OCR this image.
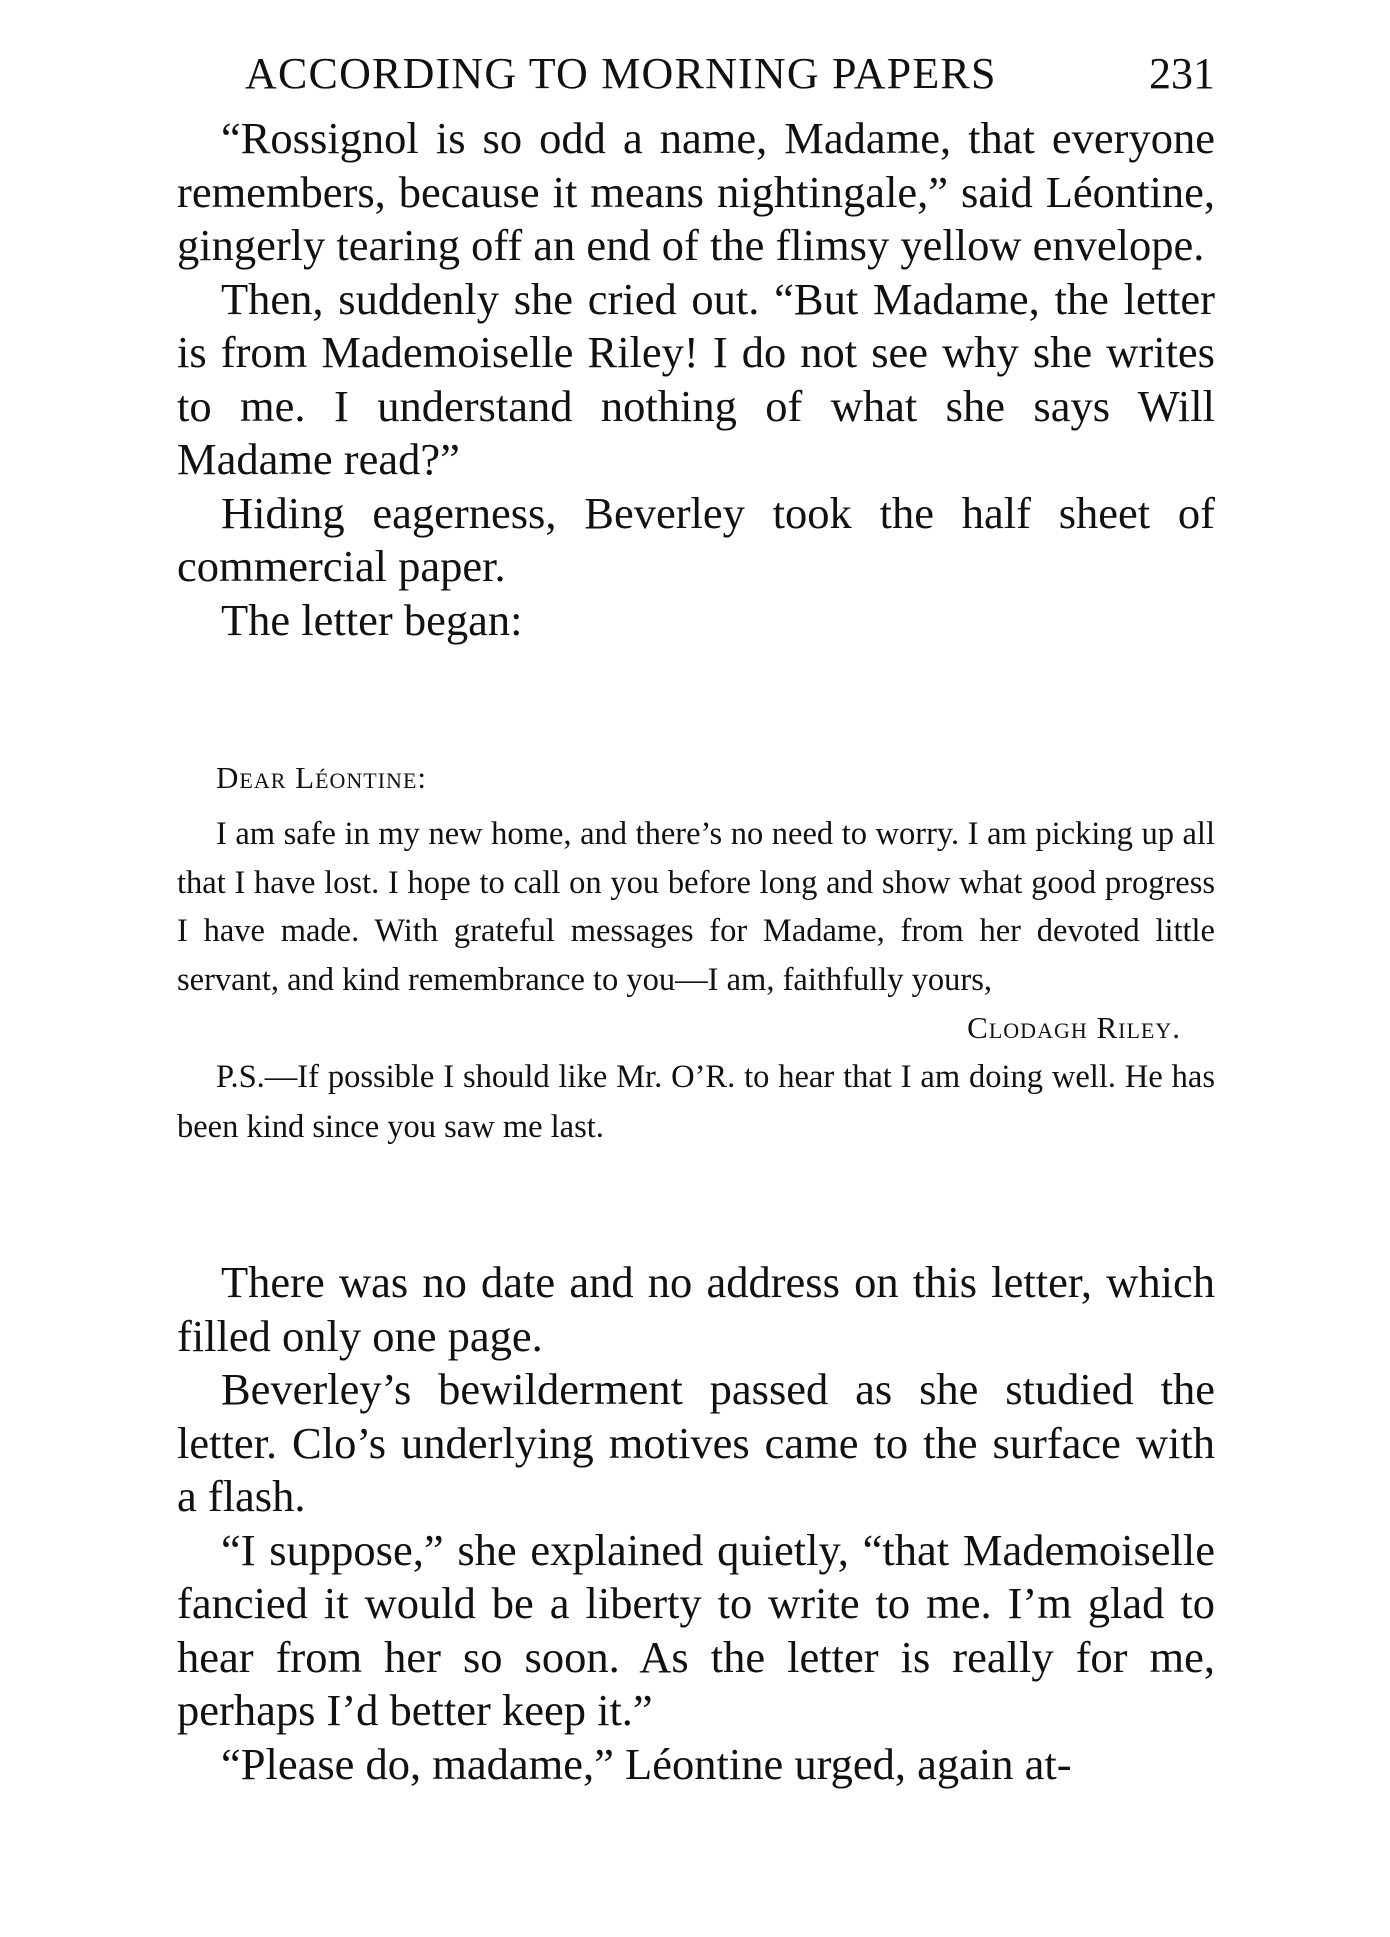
ACCORDING TO MORNING PAPERS	231

“Rossignol is so odd a name, Madame, that everyone remembers, because it means nightingale,” said Léontine, gingerly tearing off an end of the flimsy yellow envelope.

Then, suddenly she cried out. “But Madame, the letter is from Mademoiselle Riley! I do not see why she writes to me. I understand nothing of what she says Will Madame read?”

Hiding eagerness, Beverley took the half sheet of commercial paper.

The letter began:

Dear Léontine:

I am safe in my new home, and there’s no need to worry. I am picking up all that I have lost. I hope to call on you before long and show what good progress I have made. With grateful messages for Madame, from her devoted little servant, and kind remembrance to you—I am, faithfully yours,

Clodagh Riley.

P.S.—If possible I should like Mr. O’R. to hear that I am doing well. He has been kind since you saw me last.

There was no date and no address on this letter, which filled only one page.

Beverley’s bewilderment passed as she studied the letter. Clo’s underlying motives came to the surface with a flash.

“I suppose,” she explained quietly, “that Mademoiselle fancied it would be a liberty to write to me. I’m glad to hear from her so soon. As the letter is really for me, perhaps I’d better keep it.”

“Please do, madame,” Léontine urged, again at-
